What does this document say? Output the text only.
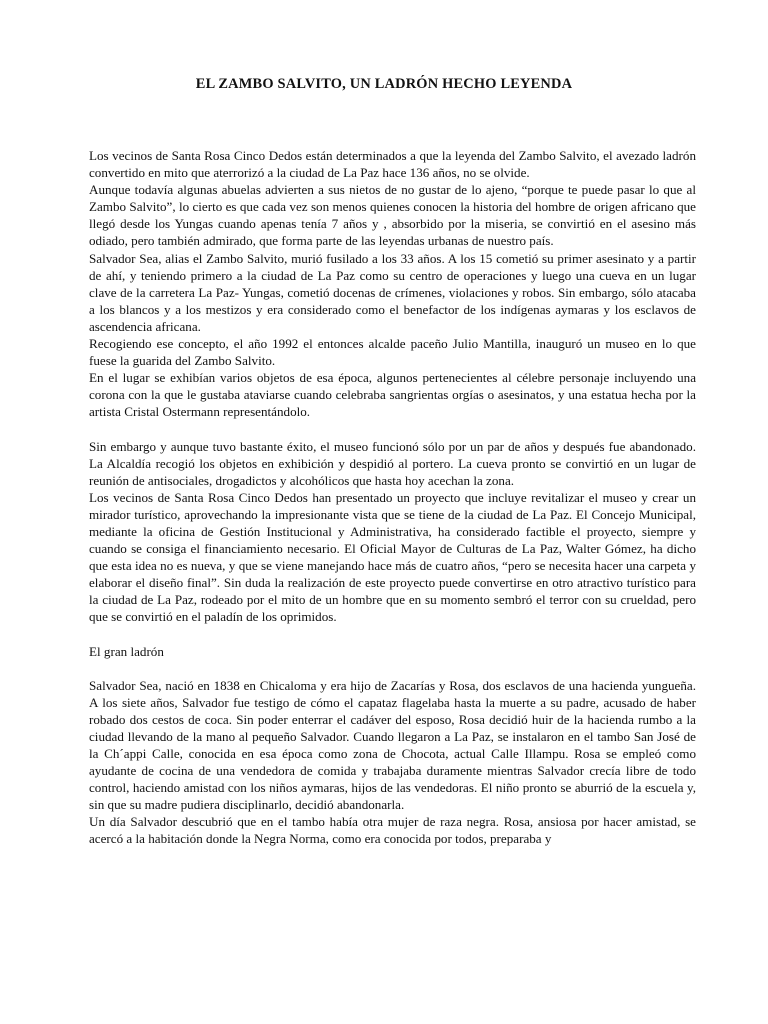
EL ZAMBO SALVITO, UN LADRÓN HECHO LEYENDA

Los vecinos de Santa Rosa Cinco Dedos están determinados a que la leyenda del Zambo Salvito, el avezado ladrón convertido en mito que aterrorizó a la ciudad de La Paz hace 136 años, no se olvide.

Aunque todavía algunas abuelas advierten a sus nietos de no gustar de lo ajeno, “porque te puede pasar lo que al Zambo Salvito”, lo cierto es que cada vez son menos quienes conocen la historia del hombre de origen africano que llegó desde los Yungas cuando apenas tenía 7 años y , absorbido por la miseria, se convirtió en el asesino más odiado, pero también admirado, que forma parte de las leyendas urbanas de nuestro país.

Salvador Sea, alias el Zambo Salvito, murió fusilado a los 33 años. A los 15 cometió su primer asesinato y a partir de ahí, y teniendo primero a la ciudad de La Paz como su centro de operaciones y luego una cueva en un lugar clave de la carretera La Paz- Yungas, cometió docenas de crímenes, violaciones y robos. Sin embargo, sólo atacaba a los blancos y a los mestizos y era considerado como el benefactor de los indígenas aymaras y los esclavos de ascendencia africana.

Recogiendo ese concepto, el año 1992 el entonces alcalde paceño Julio Mantilla, inauguró un museo en lo que fuese la guarida del Zambo Salvito.

En el lugar se exhibían varios objetos de esa época, algunos pertenecientes al célebre personaje incluyendo una corona con la que le gustaba ataviarse cuando celebraba sangrientas orgías o asesinatos, y una estatua hecha por la artista Cristal Ostermann representándolo.

Sin embargo y aunque tuvo bastante éxito, el museo funcionó sólo por un par de años y después fue abandonado. La Alcaldía recogió los objetos en exhibición y despidió al portero. La cueva pronto se convirtió en un lugar de reunión de antisociales, drogadictos y alcohólicos que hasta hoy acechan la zona.

Los vecinos de Santa Rosa Cinco Dedos han presentado un proyecto que incluye revitalizar el museo y crear un mirador turístico, aprovechando la impresionante vista que se tiene de la ciudad de La Paz. El Concejo Municipal, mediante la oficina de Gestión Institucional y Administrativa, ha considerado factible el proyecto, siempre y cuando se consiga el financiamiento necesario. El Oficial Mayor de Culturas de La Paz, Walter Gómez, ha dicho que esta idea no es nueva, y que se viene manejando hace más de cuatro años, “pero se necesita hacer una carpeta y elaborar el diseño final”. Sin duda la realización de este proyecto puede convertirse en otro atractivo turístico para la ciudad de La Paz, rodeado por el mito de un hombre que en su momento sembró el terror con su crueldad, pero que se convirtió en el paladín de los oprimidos.

El gran ladrón

Salvador Sea, nació en 1838 en Chicaloma y era hijo de Zacarías y Rosa, dos esclavos de una hacienda yungueña. A los siete años, Salvador fue testigo de cómo el capataz flagelaba hasta la muerte a su padre, acusado de haber robado dos cestos de coca. Sin poder enterrar el cadáver del esposo, Rosa decidió huir de la hacienda rumbo a la ciudad llevando de la mano al pequeño Salvador. Cuando llegaron a La Paz, se instalaron en el tambo San José de la Ch´appi Calle, conocida en esa época como zona de Chocota, actual Calle Illampu. Rosa se empleó como ayudante de cocina de una vendedora de comida y trabajaba duramente mientras Salvador crecía libre de todo control, haciendo amistad con los niños aymaras, hijos de las vendedoras. El niño pronto se aburrió de la escuela y, sin que su madre pudiera disciplinarlo, decidió abandonarla.

Un día Salvador descubrió que en el tambo había otra mujer de raza negra. Rosa, ansiosa por hacer amistad, se acercó a la habitación donde la Negra Norma, como era conocida por todos, preparaba y
